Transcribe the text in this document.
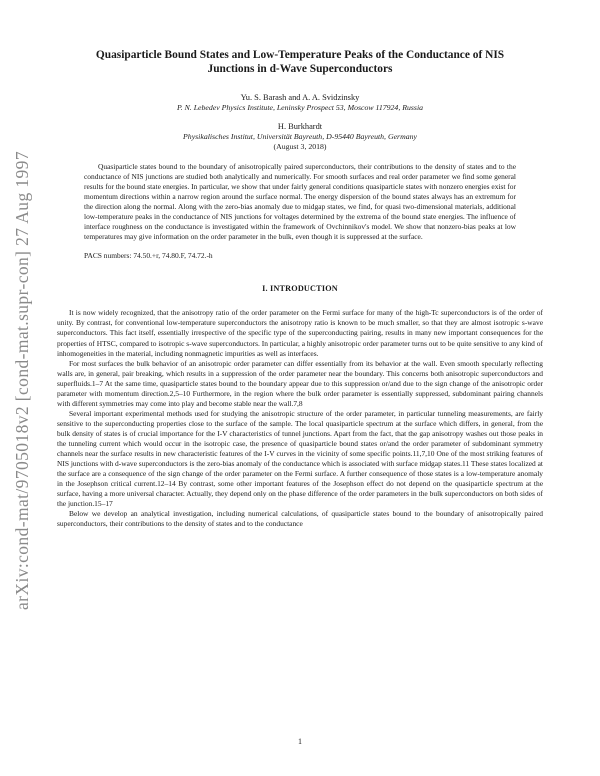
arXiv:cond-mat/9705018v2 [cond-mat.supr-con] 27 Aug 1997
Quasiparticle Bound States and Low-Temperature Peaks of the Conductance of NIS
Junctions in d-Wave Superconductors
Yu. S. Barash and A. A. Svidzinsky
P. N. Lebedev Physics Institute, Leninsky Prospect 53, Moscow 117924, Russia
H. Burkhardt
Physikalisches Institut, Universität Bayreuth, D-95440 Bayreuth, Germany
(August 3, 2018)

Quasiparticle states bound to the boundary of anisotropically paired superconductors, their contributions to the density of states and to the conductance of NIS junctions are studied both analytically and numerically. For smooth surfaces and real order parameter we find some general results for the bound state energies. In particular, we show that under fairly general conditions quasiparticle states with nonzero energies exist for momentum directions within a narrow region around the surface normal. The energy dispersion of the bound states always has an extremum for the direction along the normal. Along with the zero-bias anomaly due to midgap states, we find, for quasi two-dimensional materials, additional low-temperature peaks in the conductance of NIS junctions for voltages determined by the extrema of the bound state energies. The influence of interface roughness on the conductance is investigated within the framework of Ovchinnikov's model. We show that nonzero-bias peaks at low temperatures may give information on the order parameter in the bulk, even though it is suppressed at the surface.

PACS numbers: 74.50.+r, 74.80.F, 74.72.-h
I. INTRODUCTION

It is now widely recognized, that the anisotropy ratio of the order parameter on the Fermi surface for many of the high-Tc superconductors is of the order of unity. By contrast, for conventional low-temperature superconductors the anisotropy ratio is known to be much smaller, so that they are almost isotropic s-wave superconductors. This fact itself, essentially irrespective of the specific type of the superconducting pairing, results in many new important consequences for the properties of HTSC, compared to isotropic s-wave superconductors. In particular, a highly anisotropic order parameter turns out to be quite sensitive to any kind of inhomogeneities in the material, including nonmagnetic impurities as well as interfaces.

For most surfaces the bulk behavior of an anisotropic order parameter can differ essentially from its behavior at the wall. Even smooth specularly reflecting walls are, in general, pair breaking, which results in a suppression of the order parameter near the boundary. This concerns both anisotropic superconductors and superfluids.1–7 At the same time, quasiparticle states bound to the boundary appear due to this suppression or/and due to the sign change of the anisotropic order parameter with momentum direction.2,5–10 Furthermore, in the region where the bulk order parameter is essentially suppressed, subdominant pairing channels with different symmetries may come into play and become stable near the wall.7,8

Several important experimental methods used for studying the anisotropic structure of the order parameter, in particular tunneling measurements, are fairly sensitive to the superconducting properties close to the surface of the sample. The local quasiparticle spectrum at the surface which differs, in general, from the bulk density of states is of crucial importance for the I-V characteristics of tunnel junctions. Apart from the fact, that the gap anisotropy washes out those peaks in the tunneling current which would occur in the isotropic case, the presence of quasiparticle bound states or/and the order parameter of subdominant symmetry channels near the surface results in new characteristic features of the I-V curves in the vicinity of some specific points.11,7,10 One of the most striking features of NIS junctions with d-wave superconductors is the zero-bias anomaly of the conductance which is associated with surface midgap states.11 These states localized at the surface are a consequence of the sign change of the order parameter on the Fermi surface. A further consequence of those states is a low-temperature anomaly in the Josephson critical current.12–14 By contrast, some other important features of the Josephson effect do not depend on the quasiparticle spectrum at the surface, having a more universal character. Actually, they depend only on the phase difference of the order parameters in the bulk superconductors on both sides of the junction.15–17

Below we develop an analytical investigation, including numerical calculations, of quasiparticle states bound to the boundary of anisotropically paired superconductors, their contributions to the density of states and to the conductance

1
